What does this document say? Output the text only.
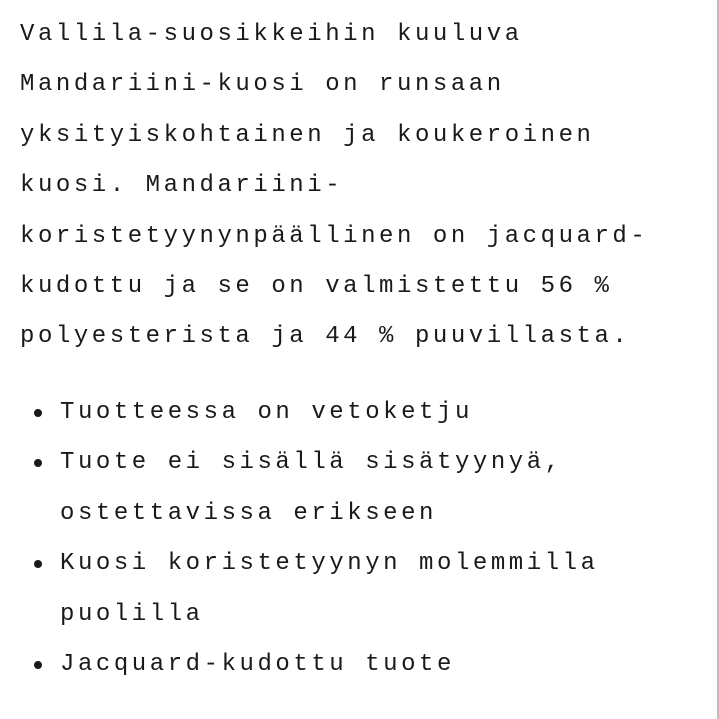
Vallila-suosikkeihin kuuluva
Mandariini-kuosi on runsaan
yksityiskohtainen ja koukeroinen
kuosi. Mandariini-
koristetyynynpäällinen on jacquard-
kudottu ja se on valmistettu 56 %
polyesterista ja 44 % puuvillasta.
Tuotteessa on vetoketju
Tuote ei sisällä sisätyynyä,
ostettavissa erikseen
Kuosi koristetyynyn molemmilla
puolilla
Jacquard-kudottu tuote
